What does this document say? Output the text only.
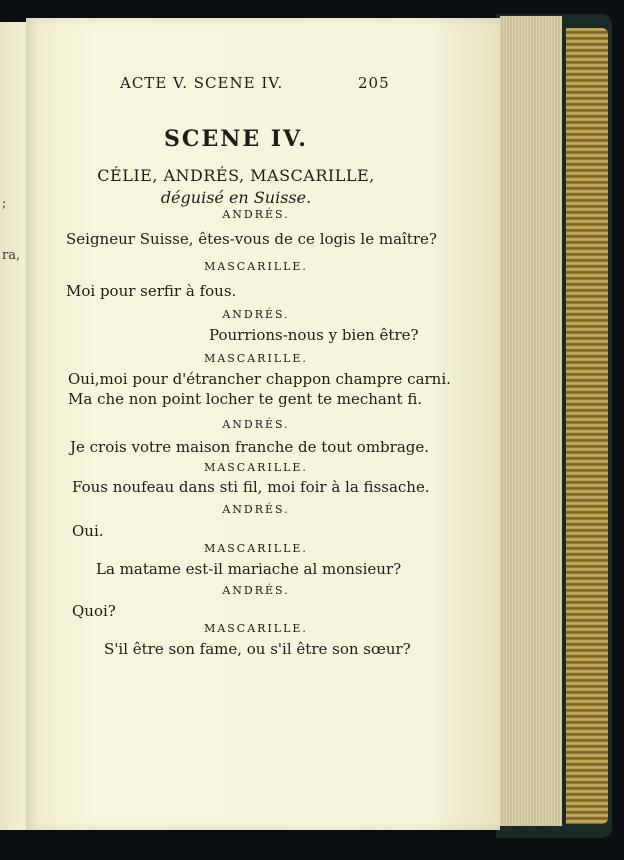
;
ra,
ACTE V. SCENE IV.	205
SCENE IV.
CÉLIE, ANDRÉS, MASCARILLE,
déguisé en Suisse.
ANDRÉS.
Seigneur Suisse, êtes-vous de ce logis le maître?
MASCARILLE.
Moi pour serfir à fous.
ANDRÉS.
Pourrions-nous y bien être?
MASCARILLE.
Oui,moi pour d'étrancher chappon champre carni.
Ma che non point locher te gent te mechant fi.
ANDRÉS.
Je crois votre maison franche de tout ombrage.
MASCARILLE.
Fous noufeau dans sti fil, moi foir à la fissache.
ANDRÉS.
Oui.
MASCARILLE.
La matame est-il mariache al monsieur?
ANDRÉS.
Quoi?
MASCARILLE.
S'il être son fame, ou s'il être son sœur?
